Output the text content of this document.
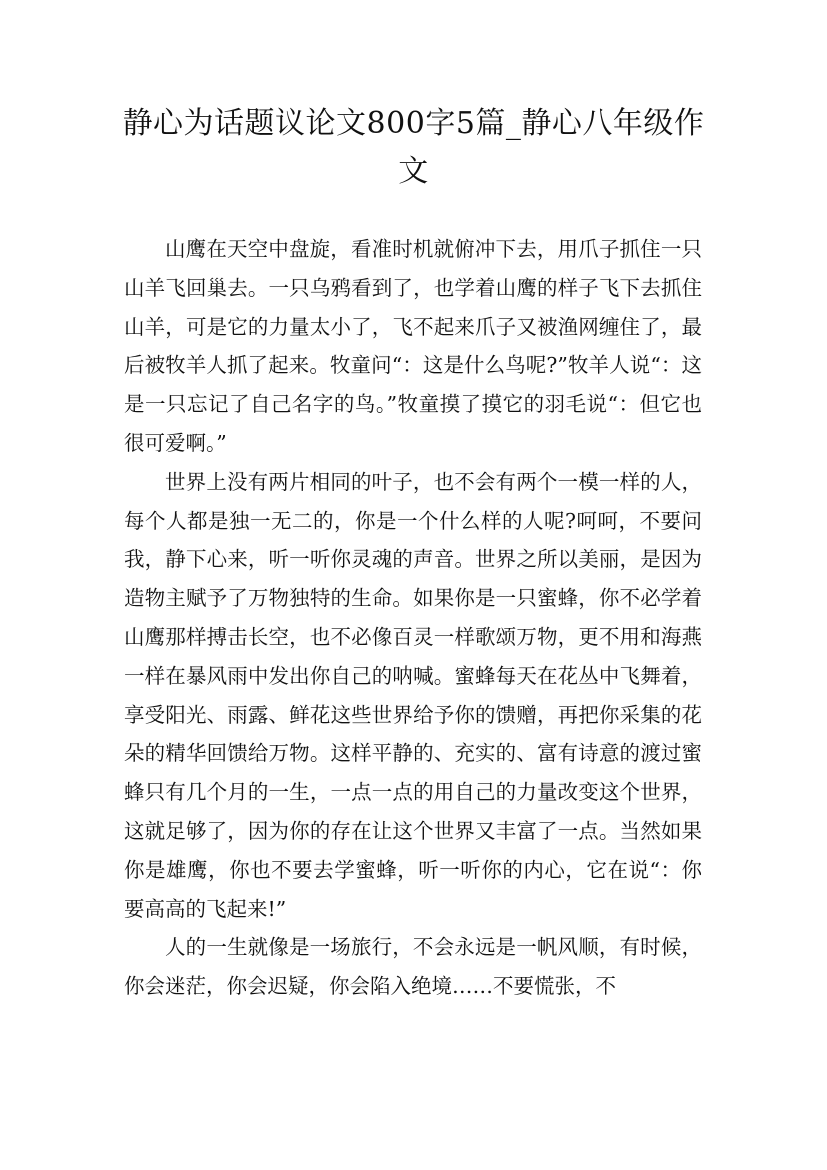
静心为话题议论文800字5篇_静心八年级作文

山鹰在天空中盘旋，看准时机就俯冲下去，用爪子抓住一只山羊飞回巢去。一只乌鸦看到了，也学着山鹰的样子飞下去抓住山羊，可是它的力量太小了，飞不起来爪子又被渔网缠住了，最后被牧羊人抓了起来。牧童问“：这是什么鸟呢?”牧羊人说“：这是一只忘记了自己名字的鸟。”牧童摸了摸它的羽毛说“：但它也很可爱啊。”

世界上没有两片相同的叶子，也不会有两个一模一样的人，每个人都是独一无二的，你是一个什么样的人呢?呵呵，不要问我，静下心来，听一听你灵魂的声音。世界之所以美丽，是因为造物主赋予了万物独特的生命。如果你是一只蜜蜂，你不必学着山鹰那样搏击长空，也不必像百灵一样歌颂万物，更不用和海燕一样在暴风雨中发出你自己的呐喊。蜜蜂每天在花丛中飞舞着，享受阳光、雨露、鲜花这些世界给予你的馈赠，再把你采集的花朵的精华回馈给万物。这样平静的、充实的、富有诗意的渡过蜜蜂只有几个月的一生，一点一点的用自己的力量改变这个世界，这就足够了，因为你的存在让这个世界又丰富了一点。当然如果你是雄鹰，你也不要去学蜜蜂，听一听你的内心，它在说“：你要高高的飞起来!”

人的一生就像是一场旅行，不会永远是一帆风顺，有时候，你会迷茫，你会迟疑，你会陷入绝境……不要慌张，不
